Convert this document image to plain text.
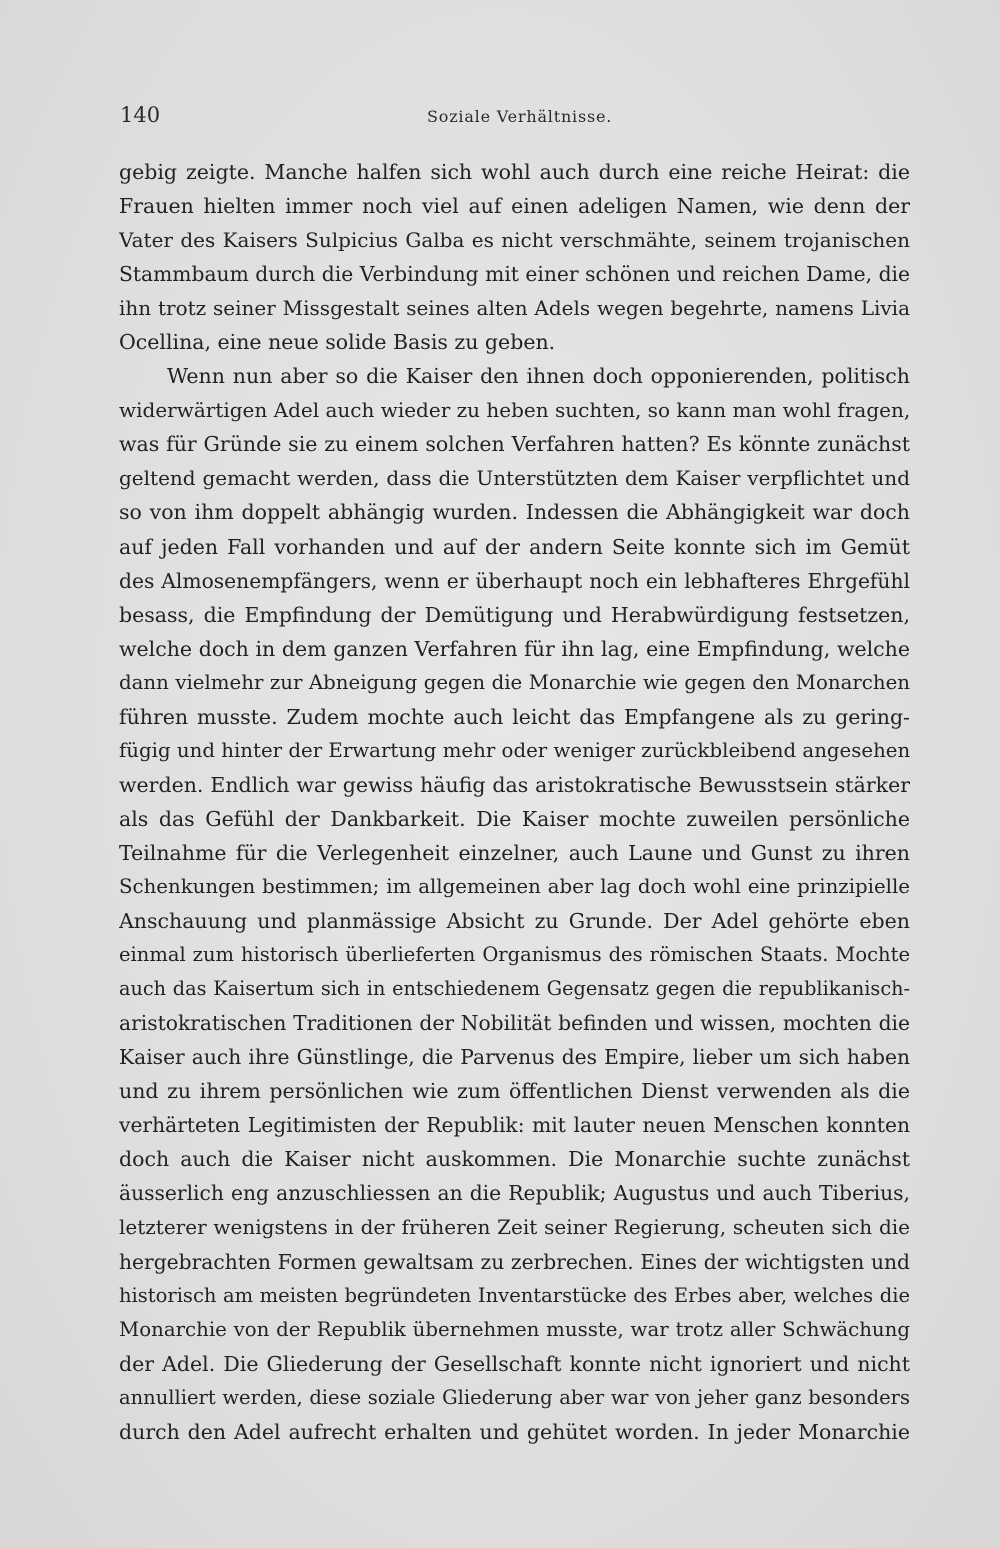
140	Soziale Verhältnisse.
gebig zeigte. Manche halfen sich wohl auch durch eine reiche Heirat: die
Frauen hielten immer noch viel auf einen adeligen Namen, wie denn der
Vater des Kaisers Sulpicius Galba es nicht verschmähte, seinem trojanischen
Stammbaum durch die Verbindung mit einer schönen und reichen Dame, die
ihn trotz seiner Missgestalt seines alten Adels wegen begehrte, namens Livia
Ocellina, eine neue solide Basis zu geben.
Wenn nun aber so die Kaiser den ihnen doch opponierenden, politisch
widerwärtigen Adel auch wieder zu heben suchten, so kann man wohl fragen,
was für Gründe sie zu einem solchen Verfahren hatten? Es könnte zunächst
geltend gemacht werden, dass die Unterstützten dem Kaiser verpflichtet und
so von ihm doppelt abhängig wurden. Indessen die Abhängigkeit war doch
auf jeden Fall vorhanden und auf der andern Seite konnte sich im Gemüt
des Almosenempfängers, wenn er überhaupt noch ein lebhafteres Ehrgefühl
besass, die Empfindung der Demütigung und Herabwürdigung festsetzen,
welche doch in dem ganzen Verfahren für ihn lag, eine Empfindung, welche
dann vielmehr zur Abneigung gegen die Monarchie wie gegen den Monarchen
führen musste. Zudem mochte auch leicht das Empfangene als zu gering-
fügig und hinter der Erwartung mehr oder weniger zurückbleibend angesehen
werden. Endlich war gewiss häufig das aristokratische Bewusstsein stärker
als das Gefühl der Dankbarkeit. Die Kaiser mochte zuweilen persönliche
Teilnahme für die Verlegenheit einzelner, auch Laune und Gunst zu ihren
Schenkungen bestimmen; im allgemeinen aber lag doch wohl eine prinzipielle
Anschauung und planmässige Absicht zu Grunde. Der Adel gehörte eben
einmal zum historisch überlieferten Organismus des römischen Staats. Mochte
auch das Kaisertum sich in entschiedenem Gegensatz gegen die republikanisch-
aristokratischen Traditionen der Nobilität befinden und wissen, mochten die
Kaiser auch ihre Günstlinge, die Parvenus des Empire, lieber um sich haben
und zu ihrem persönlichen wie zum öffentlichen Dienst verwenden als die
verhärteten Legitimisten der Republik: mit lauter neuen Menschen konnten
doch auch die Kaiser nicht auskommen. Die Monarchie suchte zunächst
äusserlich eng anzuschliessen an die Republik; Augustus und auch Tiberius,
letzterer wenigstens in der früheren Zeit seiner Regierung, scheuten sich die
hergebrachten Formen gewaltsam zu zerbrechen. Eines der wichtigsten und
historisch am meisten begründeten Inventarstücke des Erbes aber, welches die
Monarchie von der Republik übernehmen musste, war trotz aller Schwächung
der Adel. Die Gliederung der Gesellschaft konnte nicht ignoriert und nicht
annulliert werden, diese soziale Gliederung aber war von jeher ganz besonders
durch den Adel aufrecht erhalten und gehütet worden. In jeder Monarchie
